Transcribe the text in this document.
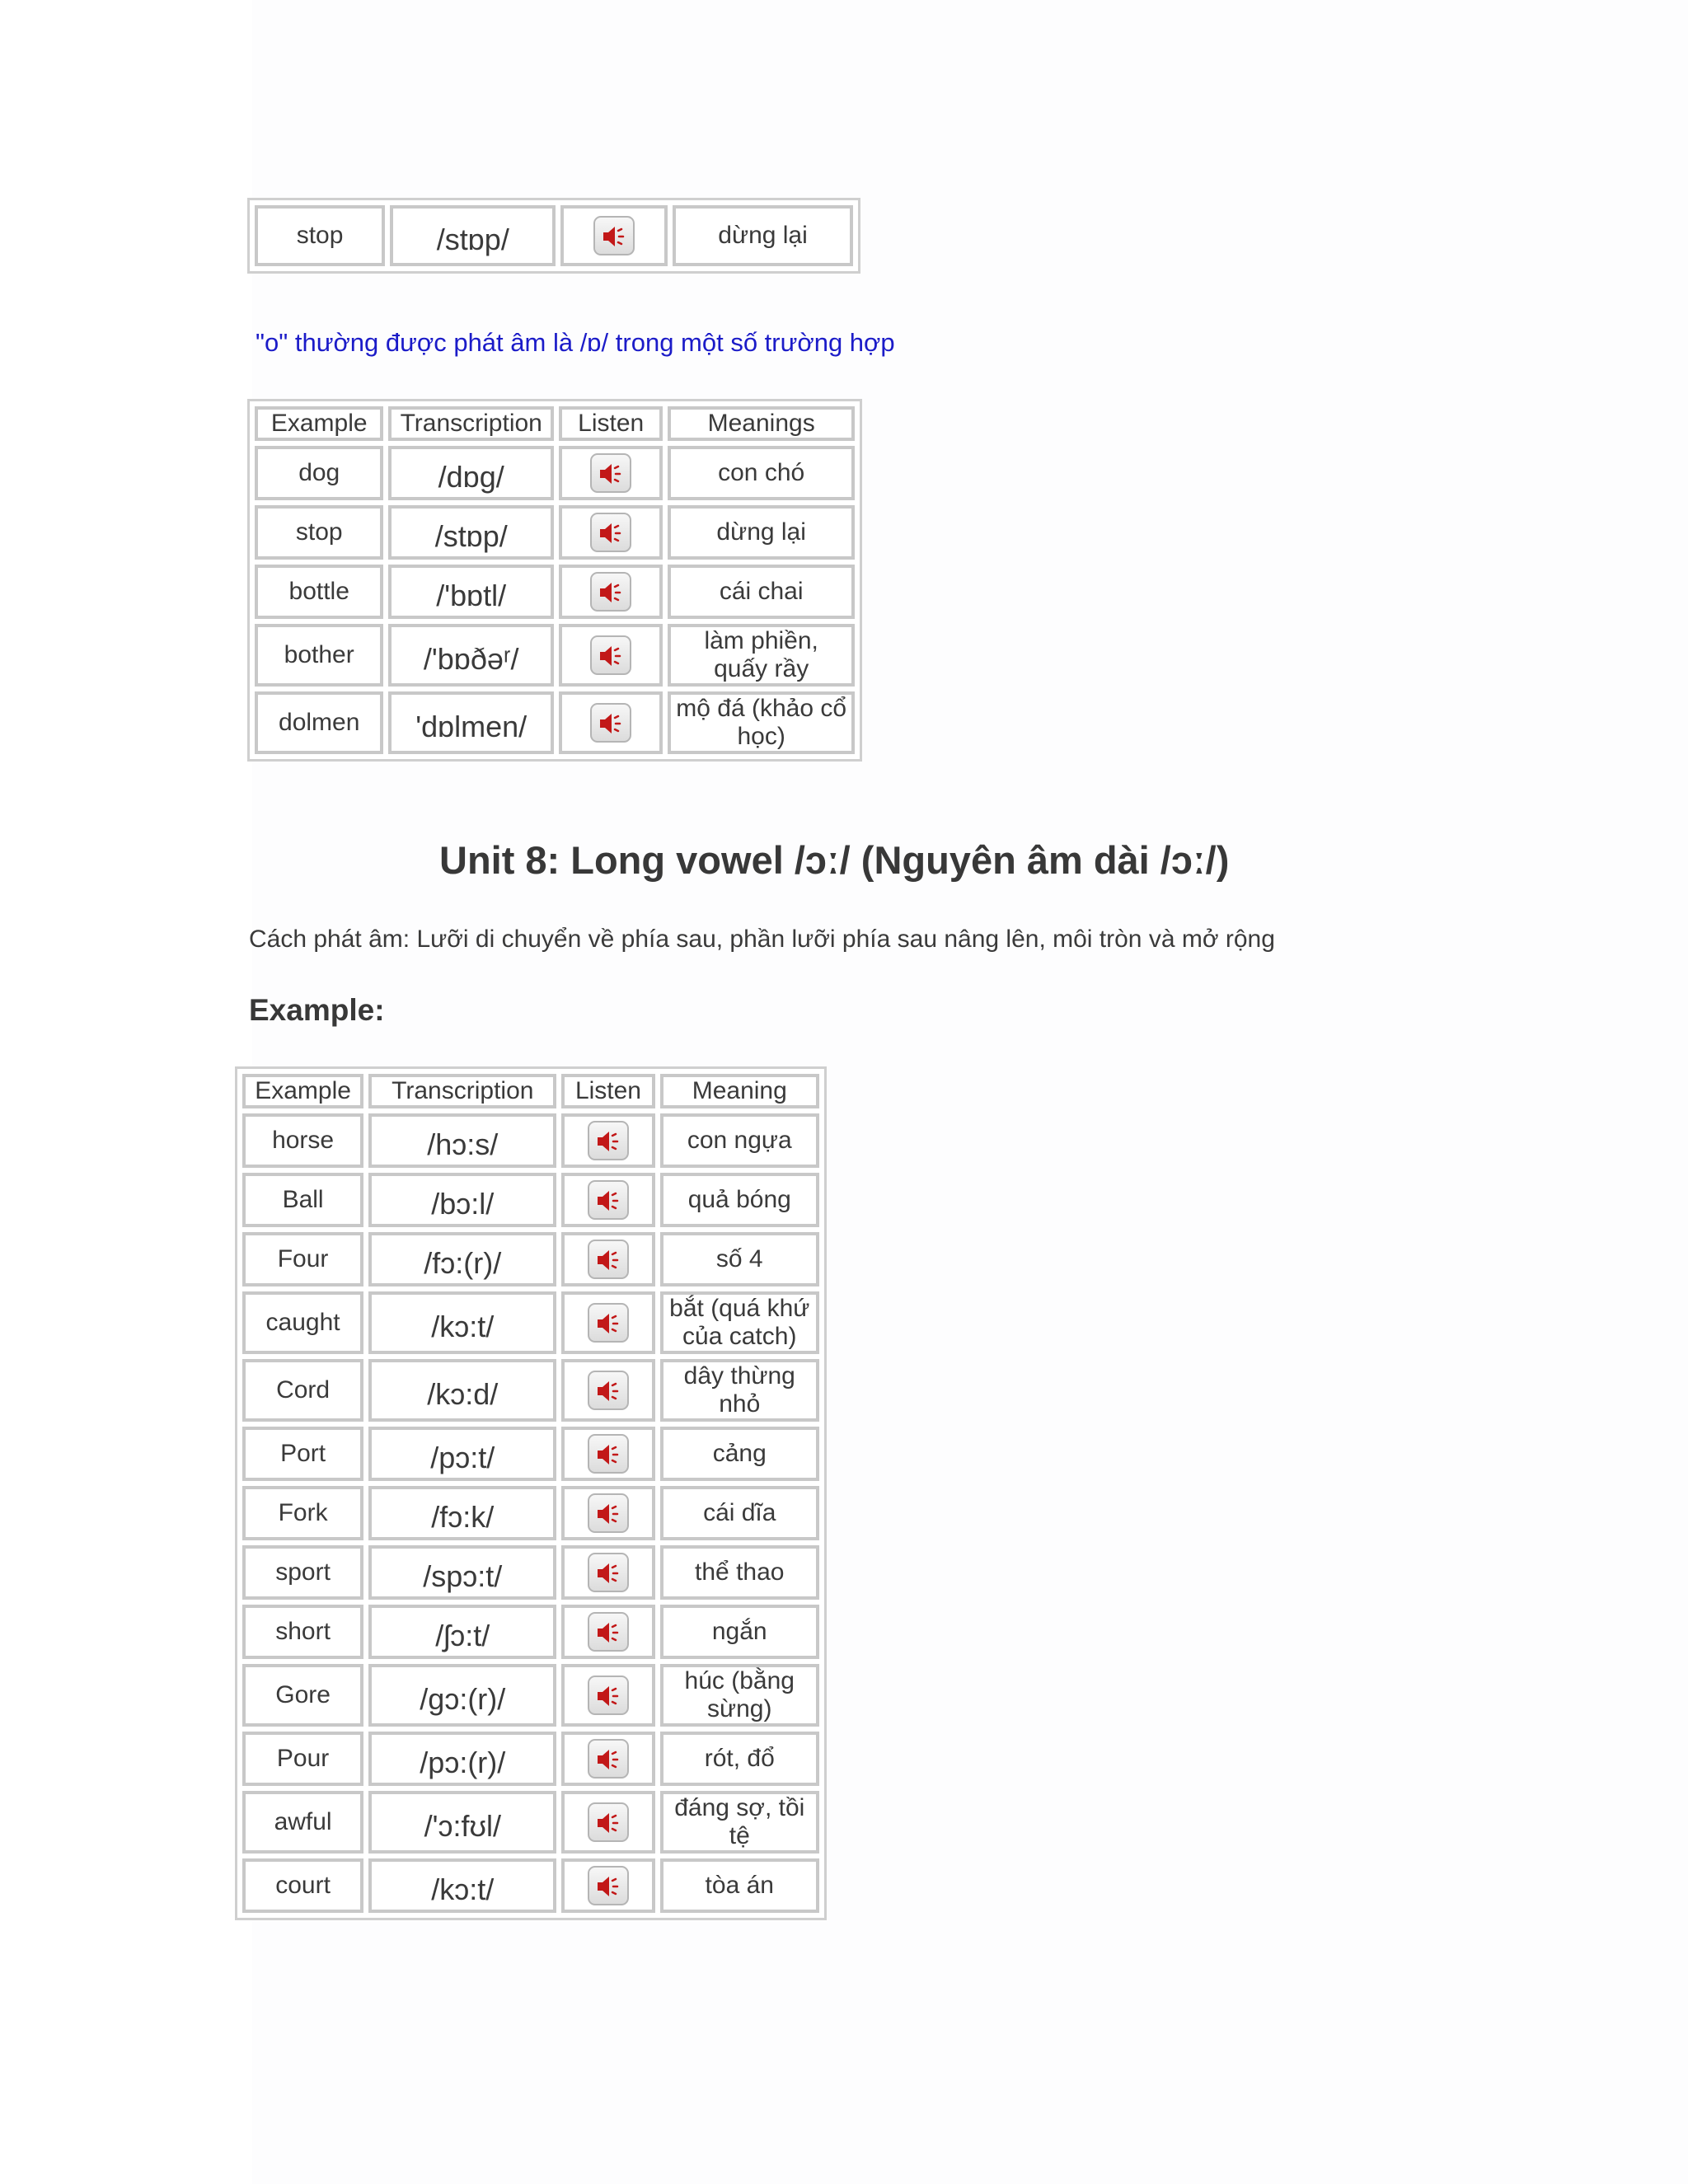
stop	/stɒp/		dừng lại
"o" thường được phát âm là /ɒ/ trong một số trường hợp
Example	Transcription	Listen	Meanings
dog	/dɒg/		con chó
stop	/stɒp/		dừng lại
bottle	/'bɒtl/		cái chai
bother	/'bɒðəʳ/		làm phiền, quấy rầy
dolmen	'dɒlmen/		mộ đá (khảo cổ học)
Unit 8: Long vowel /ɔː/ (Nguyên âm dài /ɔː/)
Cách phát âm: Lưỡi di chuyển về phía sau, phần lưỡi phía sau nâng lên, môi tròn và mở rộng
Example:
Example	Transcription	Listen	Meaning
horse	/hɔ:s/		con ngựa
Ball	/bɔ:l/		quả bóng
Four	/fɔ:(r)/		số 4
caught	/kɔ:t/		bắt (quá khứ của catch)
Cord	/kɔ:d/		dây thừng nhỏ
Port	/pɔ:t/		cảng
Fork	/fɔ:k/		cái dĩa
sport	/spɔ:t/		thể thao
short	/ʃɔ:t/		ngắn
Gore	/gɔ:(r)/		húc (bằng sừng)
Pour	/pɔ:(r)/		rót, đổ
awful	/'ɔ:fʊl/		đáng sợ, tồi tệ
court	/kɔ:t/		tòa án
